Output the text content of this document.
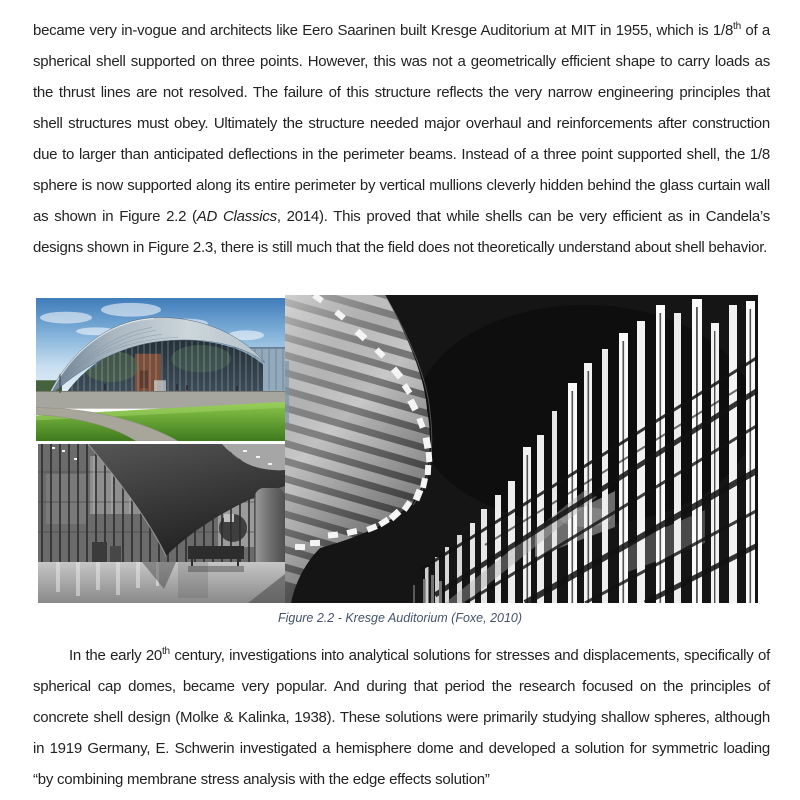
became very in-vogue and architects like Eero Saarinen built Kresge Auditorium at MIT in 1955, which is 1/8th of a spherical shell supported on three points. However, this was not a geometrically efficient shape to carry loads as the thrust lines are not resolved. The failure of this structure reflects the very narrow engineering principles that shell structures must obey. Ultimately the structure needed major overhaul and reinforcements after construction due to larger than anticipated deflections in the perimeter beams. Instead of a three point supported shell, the 1/8 sphere is now supported along its entire perimeter by vertical mullions cleverly hidden behind the glass curtain wall as shown in Figure 2.2 (AD Classics, 2014). This proved that while shells can be very efficient as in Candela’s designs shown in Figure 2.3, there is still much that the field does not theoretically understand about shell behavior.

Figure 2.2 - Kresge Auditorium (Foxe, 2010)

In the early 20th century, investigations into analytical solutions for stresses and displacements, specifically of spherical cap domes, became very popular. And during that period the research focused on the principles of concrete shell design (Molke & Kalinka, 1938). These solutions were primarily studying shallow spheres, although in 1919 Germany, E. Schwerin investigated a hemisphere dome and developed a solution for symmetric loading “by combining membrane stress analysis with the edge effects solution”
